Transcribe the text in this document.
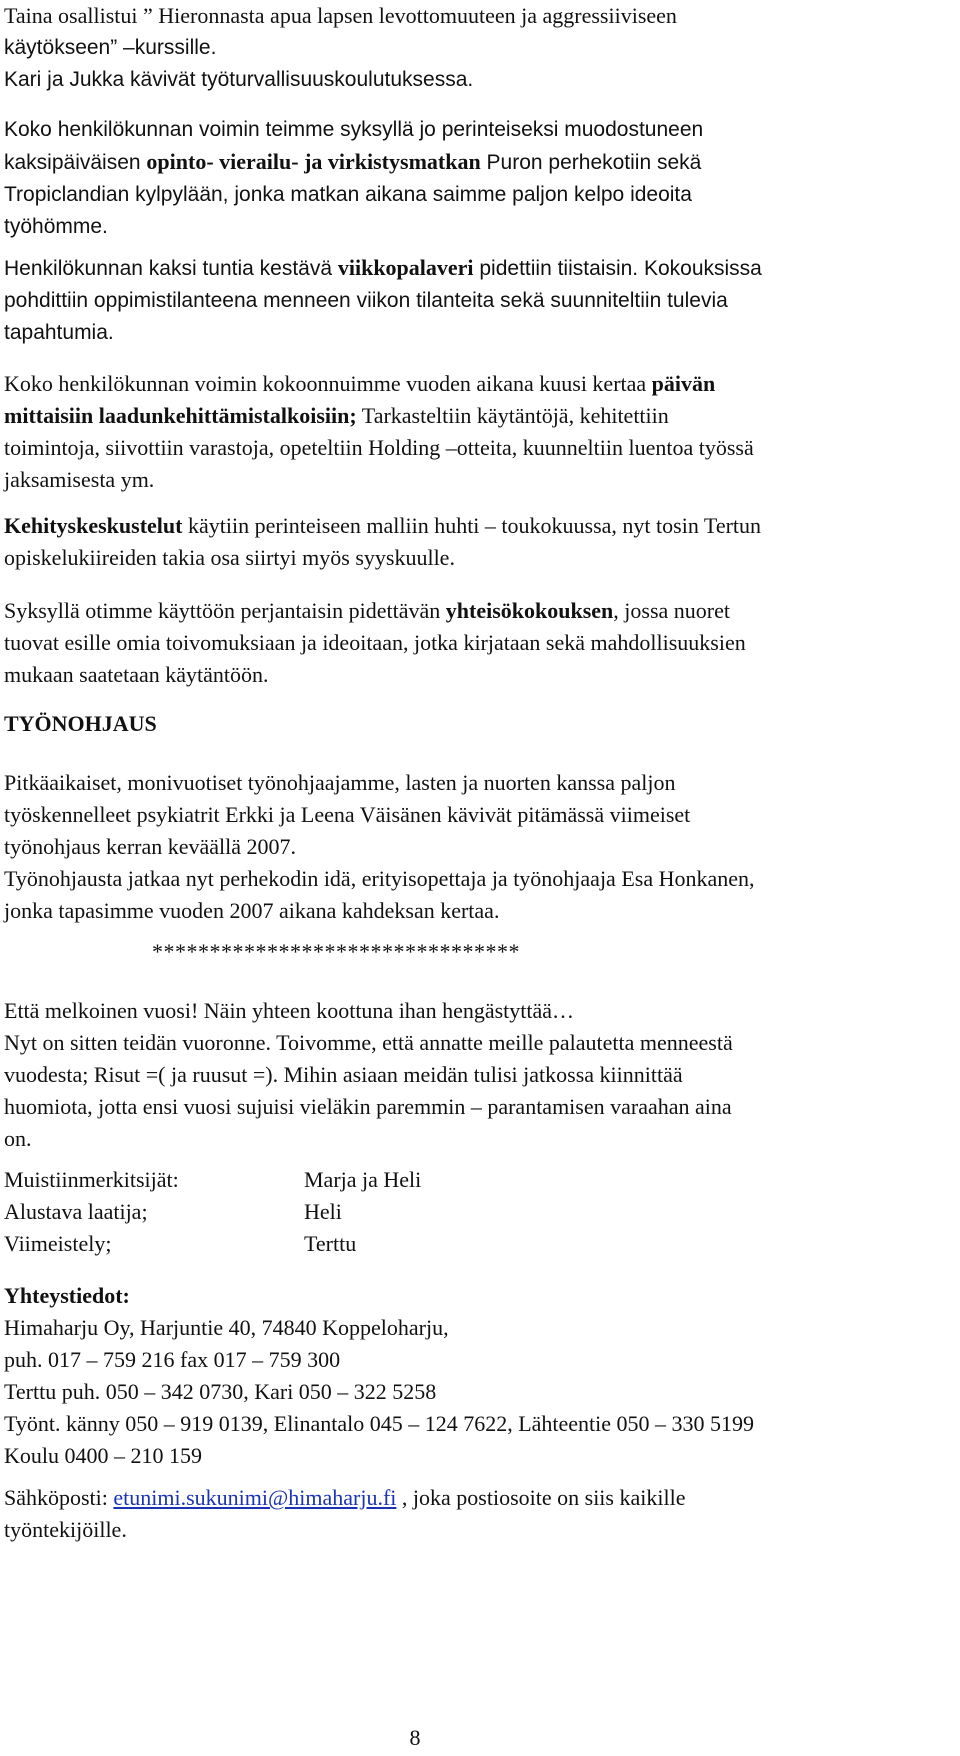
Taina osallistui ” Hieronnasta apua lapsen levottomuuteen ja aggressiiviseen
käytökseen” –kurssille.
Kari ja Jukka kävivät työturvallisuuskoulutuksessa.
Koko henkilökunnan voimin teimme syksyllä jo perinteiseksi muodostuneen
kaksipäiväisen opinto- vierailu- ja virkistysmatkan Puron perhekotiin sekä
Tropiclandian kylpylään, jonka matkan aikana saimme paljon kelpo ideoita
työhömme.
Henkilökunnan kaksi tuntia kestävä viikkopalaveri pidettiin tiistaisin. Kokouksissa
pohdittiin oppimistilanteena menneen viikon tilanteita sekä suunniteltiin tulevia
tapahtumia.
Koko henkilökunnan voimin kokoonnuimme vuoden aikana kuusi kertaa päivän
mittaisiin laadunkehittämistalkoisiin; Tarkasteltiin käytäntöjä, kehitettiin
toimintoja, siivottiin varastoja, opeteltiin Holding –otteita, kuunneltiin luentoa työssä
jaksamisesta ym.
Kehityskeskustelut käytiin perinteiseen malliin huhti – toukokuussa, nyt tosin Tertun
opiskelukiireiden takia osa siirtyi myös syyskuulle.
Syksyllä otimme käyttöön perjantaisin pidettävän yhteisökokouksen, jossa nuoret
tuovat esille omia toivomuksiaan ja ideoitaan, jotka kirjataan sekä mahdollisuuksien
mukaan saatetaan käytäntöön.
TYÖNOHJAUS
Pitkäaikaiset, monivuotiset työnohjaajamme, lasten ja nuorten kanssa paljon
työskennelleet psykiatrit Erkki ja Leena Väisänen kävivät pitämässä viimeiset
työnohjaus kerran keväällä 2007.
Työnohjausta jatkaa nyt perhekodin idä, erityisopettaja ja työnohjaaja Esa Honkanen,
jonka tapasimme vuoden 2007 aikana kahdeksan kertaa.
********************************
Että melkoinen vuosi! Näin yhteen koottuna ihan hengästyttää…
Nyt on sitten teidän vuoronne. Toivomme, että annatte meille palautetta menneestä
vuodesta; Risut =( ja ruusut =). Mihin asiaan meidän tulisi jatkossa kiinnittää
huomiota, jotta ensi vuosi sujuisi vieläkin paremmin – parantamisen varaahan aina
on.
Muistiinmerkitsijät:	Marja ja Heli
Alustava laatija;	Heli
Viimeistely;	Terttu
Yhteystiedot:
Himaharju Oy, Harjuntie 40, 74840 Koppeloharju,
puh. 017 – 759 216 fax 017 – 759 300
Terttu puh. 050 – 342 0730, Kari 050 – 322 5258
Työnt. känny 050 – 919 0139, Elinantalo 045 – 124 7622, Lähteentie 050 – 330 5199
Koulu 0400 – 210 159
Sähköposti: etunimi.sukunimi@himaharju.fi , joka postiosoite on siis kaikille
työntekijöille.
8
